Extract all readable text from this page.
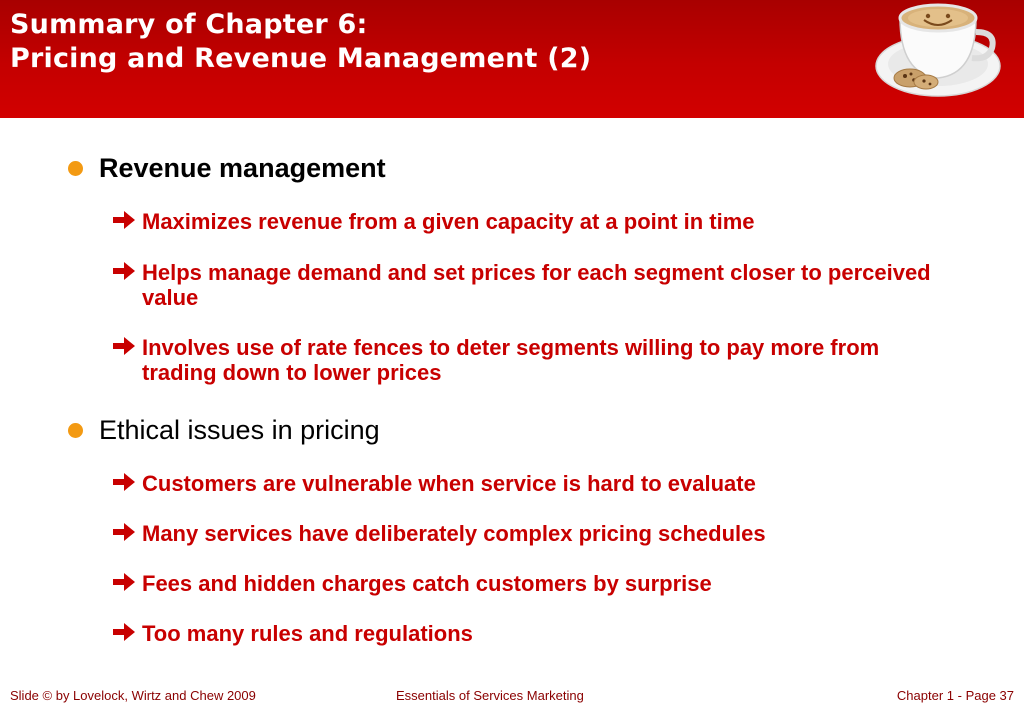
Summary of Chapter 6:
Pricing and Revenue Management (2)
Revenue management
Maximizes revenue from a given capacity at a point in time
Helps manage demand and set prices for each segment closer to perceived value
Involves use of rate fences to deter segments willing to pay more from trading down to lower prices
Ethical issues in pricing
Customers are vulnerable when service is hard to evaluate
Many services have deliberately complex pricing schedules
Fees and hidden charges catch customers by surprise
Too many rules and regulations
Slide © by Lovelock, Wirtz and Chew 2009	Essentials of Services Marketing	Chapter 1 - Page 37
